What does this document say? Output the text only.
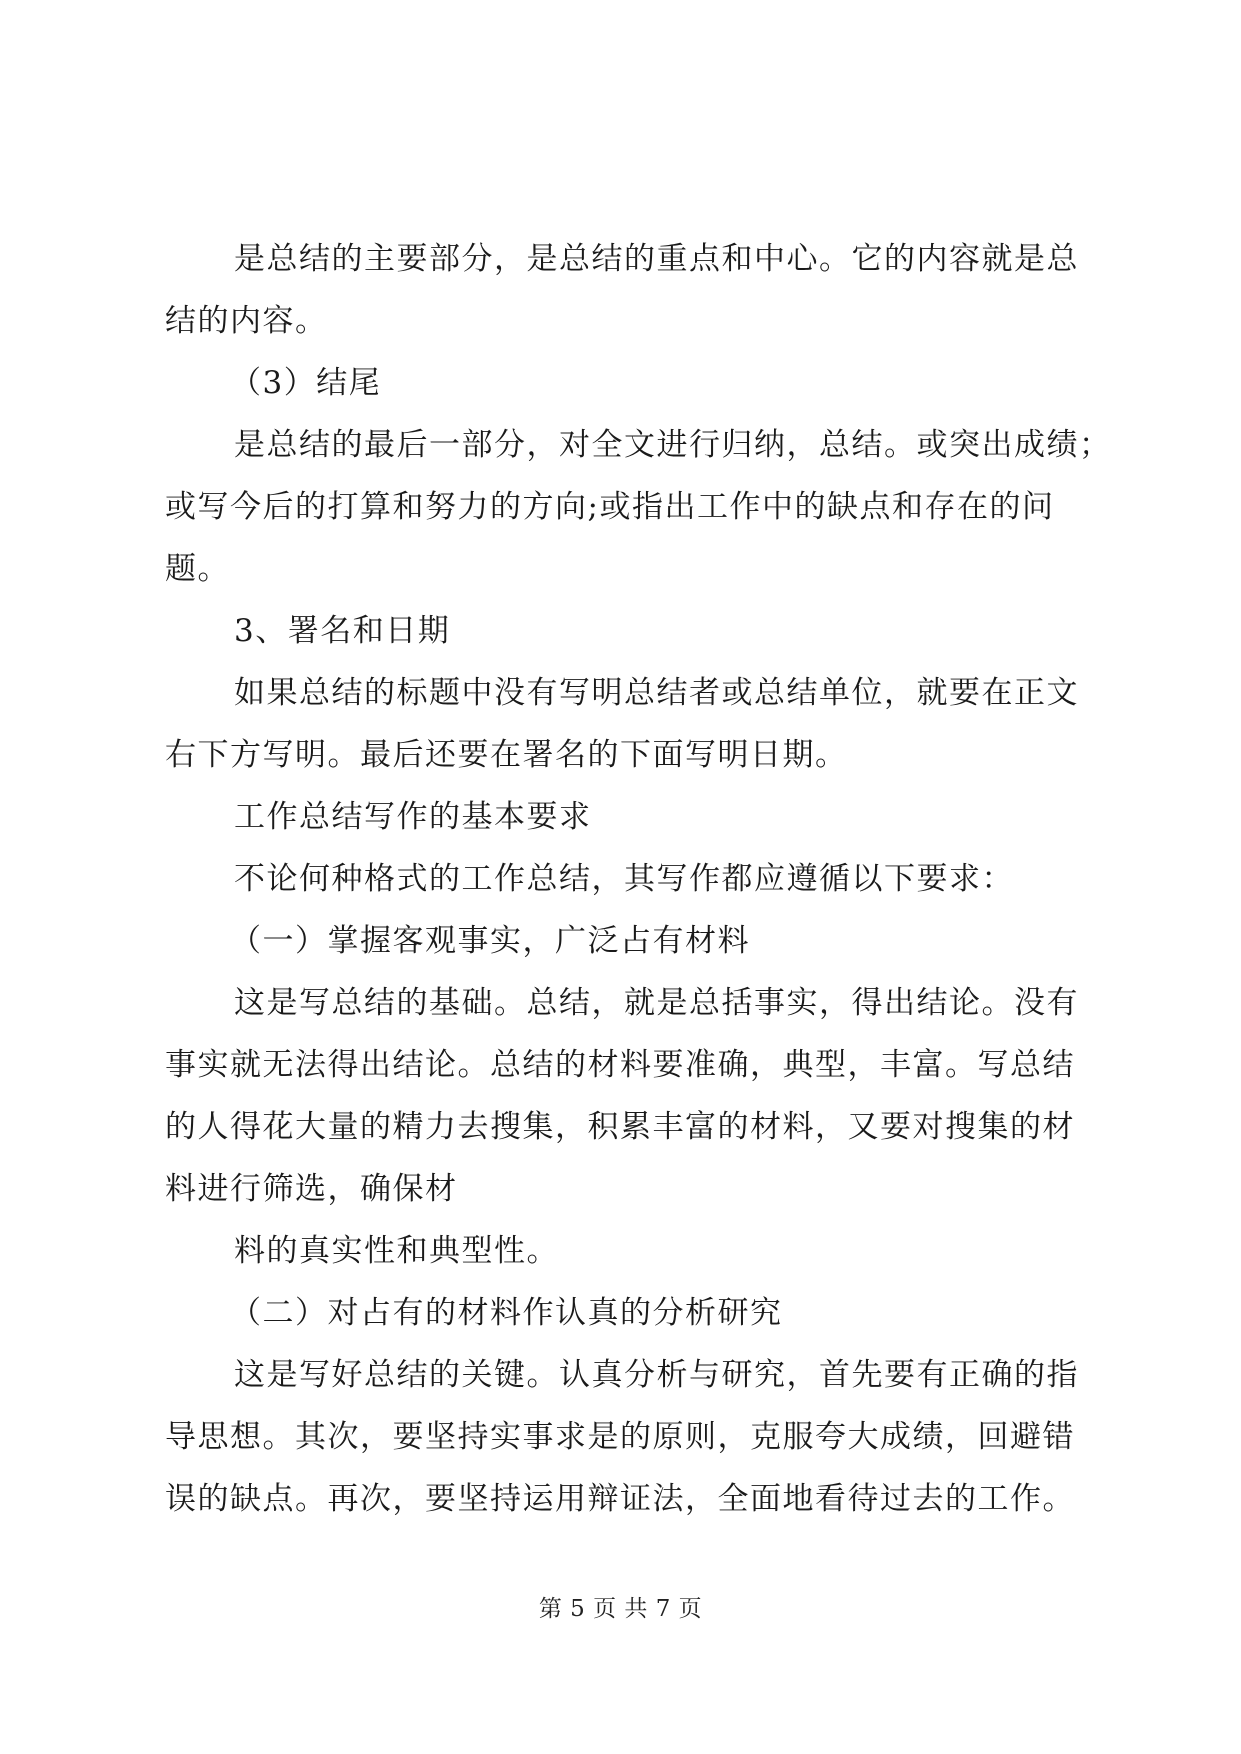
是总结的主要部分，是总结的重点和中心。它的内容就是总
结的内容。
（3）结尾
是总结的最后一部分，对全文进行归纳，总结。或突出成绩；
或写今后的打算和努力的方向;或指出工作中的缺点和存在的问
题。
3、署名和日期
如果总结的标题中没有写明总结者或总结单位，就要在正文
右下方写明。最后还要在署名的下面写明日期。
工作总结写作的基本要求
不论何种格式的工作总结，其写作都应遵循以下要求：
（一）掌握客观事实，广泛占有材料
这是写总结的基础。总结，就是总括事实，得出结论。没有
事实就无法得出结论。总结的材料要准确，典型，丰富。写总结
的人得花大量的精力去搜集，积累丰富的材料，又要对搜集的材
料进行筛选，确保材
料的真实性和典型性。
（二）对占有的材料作认真的分析研究
这是写好总结的关键。认真分析与研究，首先要有正确的指
导思想。其次，要坚持实事求是的原则，克服夸大成绩，回避错
误的缺点。再次，要坚持运用辩证法，全面地看待过去的工作。
第 5 页 共 7 页
